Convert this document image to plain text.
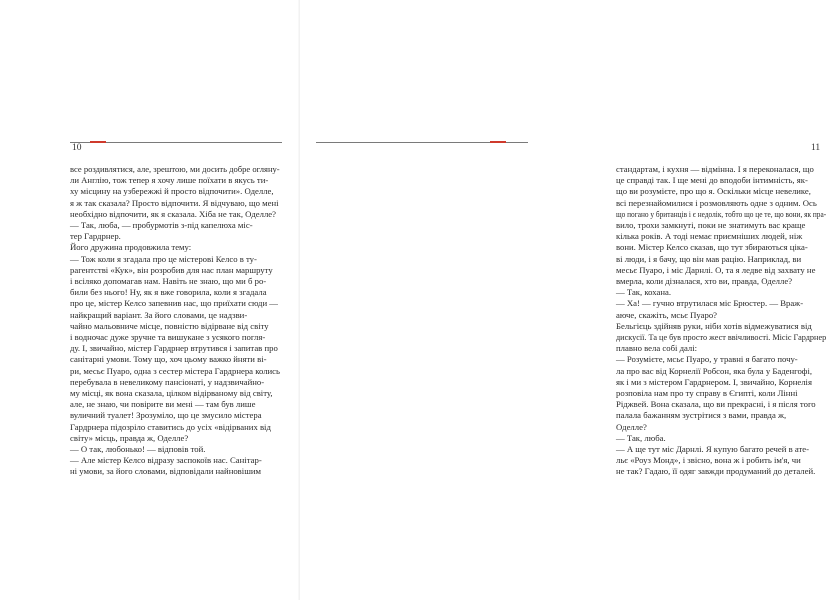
10
все роздивлятися, але, зрештою, ми досить добре огляну-
ли Англію, тож тепер я хочу лише поїхати в якусь ти-
ху місцину на узбережжі й просто відпочити». Оделле,
я ж так сказала? Просто відпочити. Я відчуваю, що мені
необхідно відпочити, як я сказала. Хіба не так, Оделле?
— Так, люба, — пробурмотів з-під капелюха міс-
тер Гардрнер.
Його дружина продовжила тему:
— Тож коли я згадала про це містерові Келсо в ту-
рагентстві «Кук», він розробив для нас план маршруту
і всіляко допомагав нам. Навіть не знаю, що ми б ро-
били без нього! Ну, як я вже говорила, коли я згадала
про це, містер Келсо запевнив нас, що приїхати сюди —
найкращий варіант. За його словами, це надзви-
чайно мальовниче місце, повністю відірване від світу
і водночас дуже зручне та вишукане з усякого погля-
ду. І, звичайно, містер Гардрнер втрутився і запитав про
санітарні умови. Тому що, хоч цьому важко йняти ві-
ри, месьє Пуаро, одна з сестер містера Гардрнера колись
перебувала в невеликому пансіонаті, у надзвичайно-
му місці, як вона сказала, цілком відірваному від світу,
але, не знаю, чи повірите ви мені — там був лише
вуличний туалет! Зрозуміло, що це змусило містера
Гардрнера підозріло ставитись до усіх «відірваних від
світу» місць, правда ж, Оделле?
— О так, любонько! — відповів той.
— Але містер Келсо відразу заспокоїв нас. Санітар-
ні умови, за його словами, відповідали найновішим
11
стандартам, і кухня — відмінна. І я переконалася, що
це справді так. І ще мені до вподоби інтимність, як-
що ви розумієте, про що я. Оскільки місце невелике,
всі перезнайомилися і розмовляють одне з одним. Ось
що погано у британців і є недолік, тобто що це те, що вони, як пра-
вило, трохи замкнуті, поки не знатимуть вас краще
кілька років. А тоді немає приємніших людей, ніж
вони. Містер Келсо сказав, що тут збираються ціка-
ві люди, і я бачу, що він мав рацію. Наприклад, ви
месьє Пуаро, і міс Дарнлі. О, та я ледве від захвату не
вмерла, коли дізналася, хто ви, правда, Оделле?
— Так, кохана.
— Ха! — гучно втрутилася міс Брюстер. — Враж-
аюче, скажіть, мсьє Пуаро?
Бельгієць здійняв руки, ніби хотів відмежуватися від
дискусії. Та це був просто жест ввічливості. Місіс Гардрнер
плавно вела собі далі:
— Розумієте, мсьє Пуаро, у травні я багато почу-
ла про вас від Корнелії Робсон, яка була у Баденгофі,
як і ми з містером Гардрнером. І, звичайно, Корнелія
розповіла нам про ту справу в Єгипті, коли Лінні
Ріджвей. Вона сказала, що ви прекрасні, і я після того
палала бажанням зустрітися з вами, правда ж,
Оделле?
— Так, люба.
— А ще тут міс Дарнлі. Я купую багато речей в ате-
льє «Роуз Монд», і звісно, вона ж і робить ім'я, чи
не так? Гадаю, її одяг завжди продуманий до деталей.
